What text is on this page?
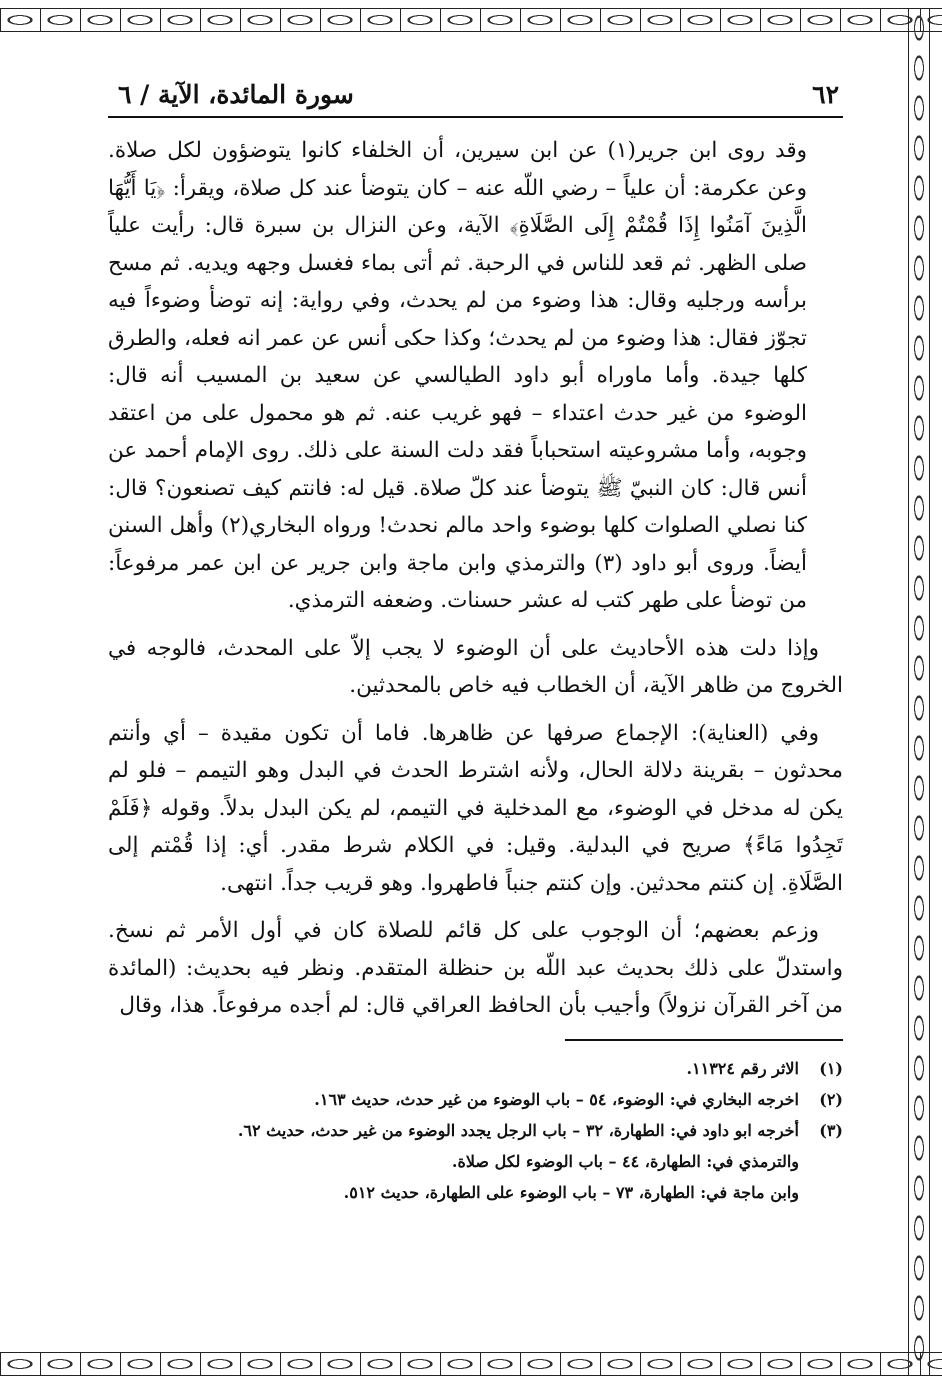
٦٢
سورة المائدة، الآية / ٦

وقد روى ابن جرير(١) عن ابن سيرين، أن الخلفاء كانوا يتوضؤون لكل صلاة. وعن عكرمة: أن علياً – رضي اللّه عنه – كان يتوضأ عند كل صلاة، ويقرأ: ﴿يَا أَيُّهَا الَّذِينَ آمَنُوا إِذَا قُمْتُمْ إِلَى الصَّلَاةِ﴾ الآية، وعن النزال بن سبرة قال: رأيت علياً صلى الظهر. ثم قعد للناس في الرحبة. ثم أتى بماء فغسل وجهه ويديه. ثم مسح برأسه ورجليه وقال: هذا وضوء من لم يحدث، وفي رواية: إنه توضأ وضوءاً فيه تجوّز فقال: هذا وضوء من لم يحدث؛ وكذا حكى أنس عن عمر انه فعله، والطرق كلها جيدة. وأما ماوراه أبو داود الطيالسي عن سعيد بن المسيب أنه قال: الوضوء من غير حدث اعتداء – فهو غريب عنه. ثم هو محمول على من اعتقد وجوبه، وأما مشروعيته استحباباً فقد دلت السنة على ذلك. روى الإمام أحمد عن أنس قال: كان النبيّ ﷺ يتوضأ عند كلّ صلاة. قيل له: فانتم كيف تصنعون؟ قال: كنا نصلي الصلوات كلها بوضوء واحد مالم نحدث! ورواه البخاري(٢) وأهل السنن أيضاً. وروى أبو داود (٣) والترمذي وابن ماجة وابن جرير عن ابن عمر مرفوعاً: من توضأ على طهر كتب له عشر حسنات. وضعفه الترمذي.

وإذا دلت هذه الأحاديث على أن الوضوء لا يجب إلاّ على المحدث، فالوجه في الخروج من ظاهر الآية، أن الخطاب فيه خاص بالمحدثين.

وفي (العناية): الإجماع صرفها عن ظاهرها. فاما أن تكون مقيدة – أي وأنتم محدثون – بقرينة دلالة الحال، ولأنه اشترط الحدث في البدل وهو التيمم – فلو لم يكن له مدخل في الوضوء، مع المدخلية في التيمم، لم يكن البدل بدلاً. وقوله ﴿فَلَمْ تَجِدُوا مَاءً﴾ صريح في البدلية. وقيل: في الكلام شرط مقدر. أي: إذا قُمْتم إلى الصَّلَاةِ. إن كنتم محدثين. وإن كنتم جنباً فاطهروا. وهو قريب جداً. انتهى.

وزعم بعضهم؛ أن الوجوب على كل قائم للصلاة كان في أول الأمر ثم نسخ. واستدلّ على ذلك بحديث عبد اللّه بن حنظلة المتقدم. ونظر فيه بحديث: (المائدة من آخر القرآن نزولاً) وأجيب بأن الحافظ العراقي قال: لم أجده مرفوعاً. هذا، وقال

(١)
الاثر رقم ١١٣٢٤.
(٢)
اخرجه البخاري في: الوضوء، ٥٤ – باب الوضوء من غير حدث، حديث ١٦٣.
(٣)
أخرجه ابو داود في: الطهارة، ٣٢ – باب الرجل يجدد الوضوء من غير حدث، حديث ٦٢.
والترمذي في: الطهارة، ٤٤ – باب الوضوء لكل صلاة.
وابن ماجة في: الطهارة، ٧٣ – باب الوضوء على الطهارة، حديث ٥١٢.
